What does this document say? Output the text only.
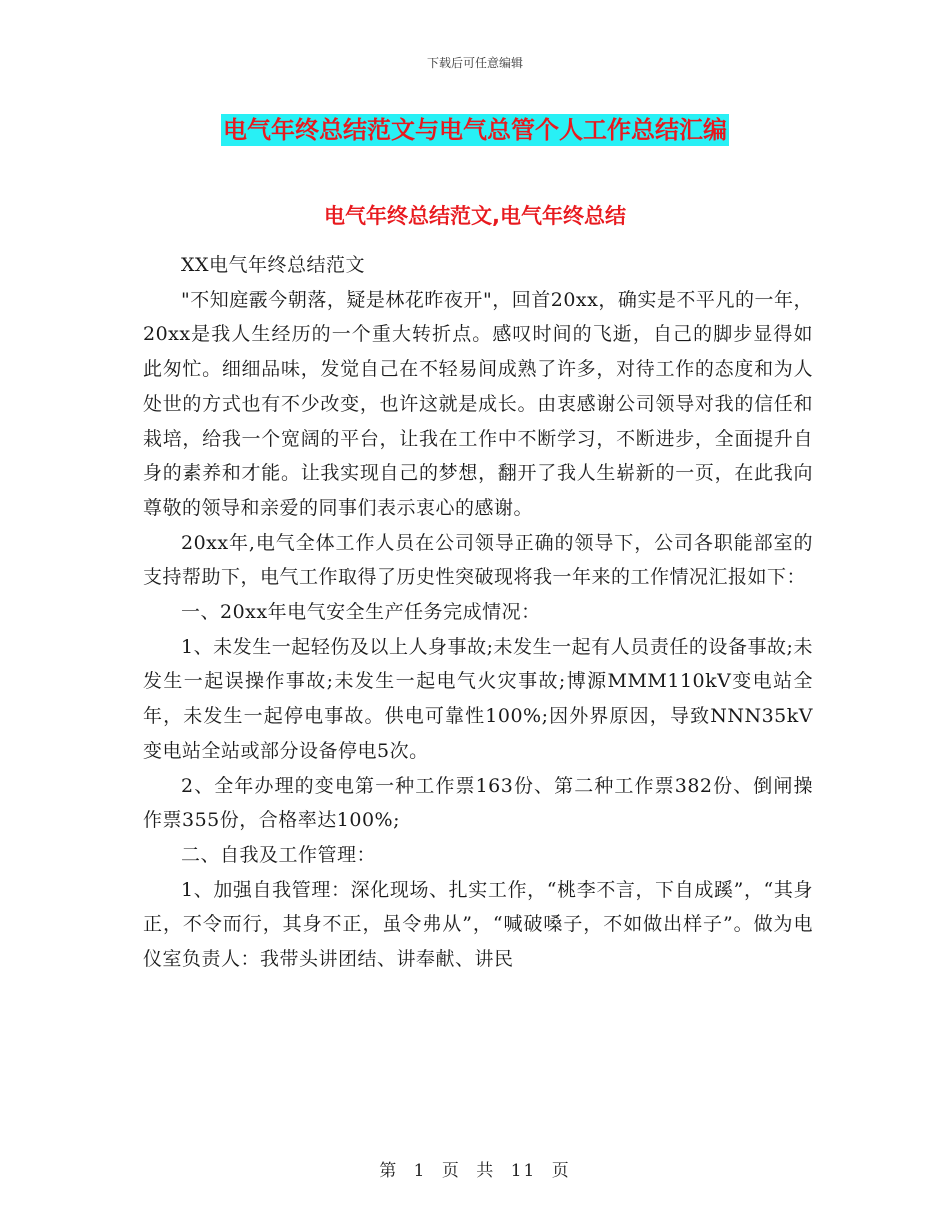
下载后可任意编辑
电气年终总结范文与电气总管个人工作总结汇编
电气年终总结范文,电气年终总结

XX电气年终总结范文

"不知庭霰今朝落，疑是林花昨夜开"，回首20xx，确实是不平凡的一年，20xx是我人生经历的一个重大转折点。感叹时间的飞逝，自己的脚步显得如此匆忙。细细品味，发觉自己在不轻易间成熟了许多，对待工作的态度和为人处世的方式也有不少改变，也许这就是成长。由衷感谢公司领导对我的信任和栽培，给我一个宽阔的平台，让我在工作中不断学习，不断进步，全面提升自身的素养和才能。让我实现自己的梦想，翻开了我人生崭新的一页，在此我向尊敬的领导和亲爱的同事们表示衷心的感谢。

20xx年,电气全体工作人员在公司领导正确的领导下，公司各职能部室的支持帮助下，电气工作取得了历史性突破现将我一年来的工作情况汇报如下：

一、20xx年电气安全生产任务完成情况：

1、未发生一起轻伤及以上人身事故;未发生一起有人员责任的设备事故;未发生一起误操作事故;未发生一起电气火灾事故;博源MMM110kV变电站全年，未发生一起停电事故。供电可靠性100%;因外界原因，导致NNN35kV变电站全站或部分设备停电5次。

2、全年办理的变电第一种工作票163份、第二种工作票382份、倒闸操作票355份，合格率达100%;

二、自我及工作管理：

1、加强自我管理：深化现场、扎实工作，“桃李不言，下自成蹊”，“其身正，不令而行，其身不正，虽令弗从”，“喊破嗓子，不如做出样子”。做为电仪室负责人：我带头讲团结、讲奉献、讲民

第 1 页 共 11 页
